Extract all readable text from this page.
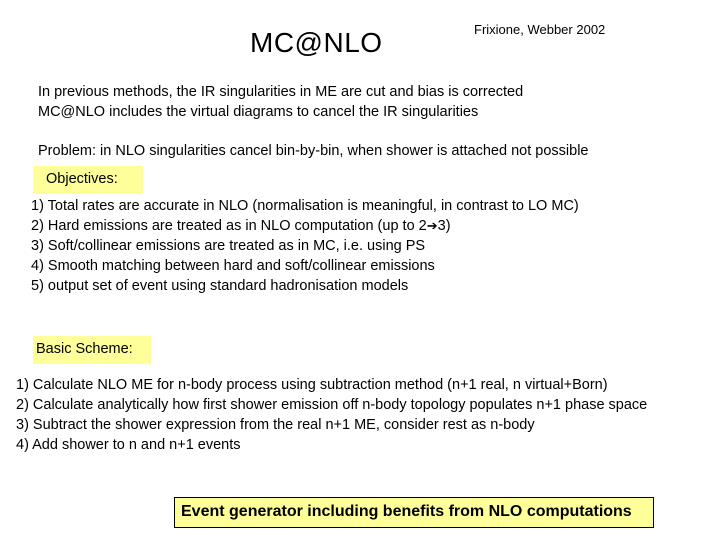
MC@NLO	Frixione, Webber 2002
In previous methods, the IR singularities in ME are cut and bias is corrected
MC@NLO includes the virtual diagrams to cancel the IR singularities
Problem: in NLO singularities cancel bin-by-bin, when shower is attached not possible
Objectives:
1) Total rates are accurate in NLO (normalisation is meaningful, in contrast to LO MC)
2) Hard emissions are treated as in NLO computation (up to 2➔3)
3) Soft/collinear emissions are treated as in MC, i.e. using PS
4) Smooth matching between hard and soft/collinear emissions
5) output set of event using standard hadronisation models
Basic Scheme:
1) Calculate NLO ME for n-body process using subtraction method (n+1 real, n virtual+Born)
2) Calculate analytically how first shower emission off n-body topology populates n+1 phase space
3) Subtract the shower expression from the real n+1 ME, consider rest as n-body
4) Add shower to n and n+1 events
Event generator including benefits from NLO computations
